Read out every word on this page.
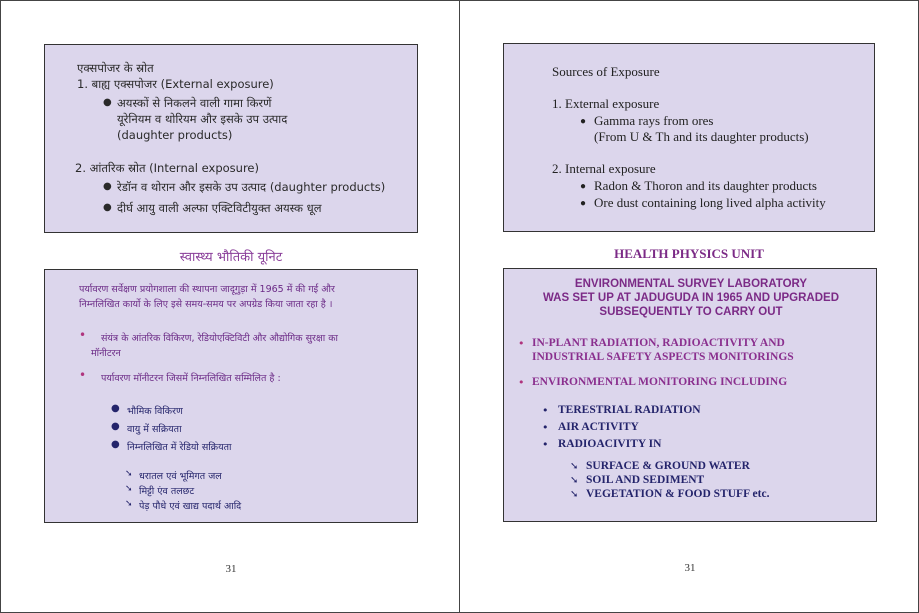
एक्सपोजर के स्रोत
1. बाह्य एक्सपोजर (External exposure)
● अयस्कों से निकलने वाली गामा किरणें
यूरेनियम व थोरियम और इसके उप उत्पाद
(daughter products)
2. आंतरिक स्रोत (Internal exposure)
● रेडॉन व थोरान और इसके उप उत्पाद (daughter products)
● दीर्घ आयु वाली अल्फा एक्टिविटीयुक्त अयस्क धूल
स्वास्थ्य भौतिकी यूनिट
पर्यावरण सर्वेक्षण प्रयोगशाला की स्थापना जादूगुड़ा में 1965 में की गई और
निम्नलिखित कार्यो के लिए इसे समय-समय पर अपग्रेड किया जाता रहा है ।
• संयंत्र के आंतरिक विकिरण, रेडियोएक्टिविटी और औद्योगिक सुरक्षा का
मॉनीटरन
• पर्यावरण मॉनीटरन जिसमें निम्नलिखित सम्मिलित है :
● भौमिक विकिरण
● वायु में सक्रियता
● निम्नलिखित में रेडियो सक्रियता
➘ धरातल एवं भूमिगत जल
➘ मिट्टी एंव तलछट
➘ पेड़ पौधे एवं खाद्य पदार्थ आदि
31
Sources of Exposure
1. External exposure
● Gamma rays from ores
(From U & Th and its daughter products)
2. Internal exposure
● Radon & Thoron and its daughter products
● Ore dust containing long lived alpha activity
HEALTH PHYSICS UNIT
ENVIRONMENTAL SURVEY LABORATORY
WAS SET UP AT JADUGUDA IN 1965 AND UPGRADED
SUBSEQUENTLY TO CARRY OUT
• IN-PLANT RADIATION, RADIOACTIVITY AND
INDUSTRIAL SAFETY ASPECTS MONITORINGS
• ENVIRONMENTAL MONITORING INCLUDING
• TERESTRIAL RADIATION
• AIR ACTIVITY
• RADIOACIVITY IN
➘ SURFACE & GROUND WATER
➘ SOIL AND SEDIMENT
➘ VEGETATION & FOOD STUFF etc.
31
